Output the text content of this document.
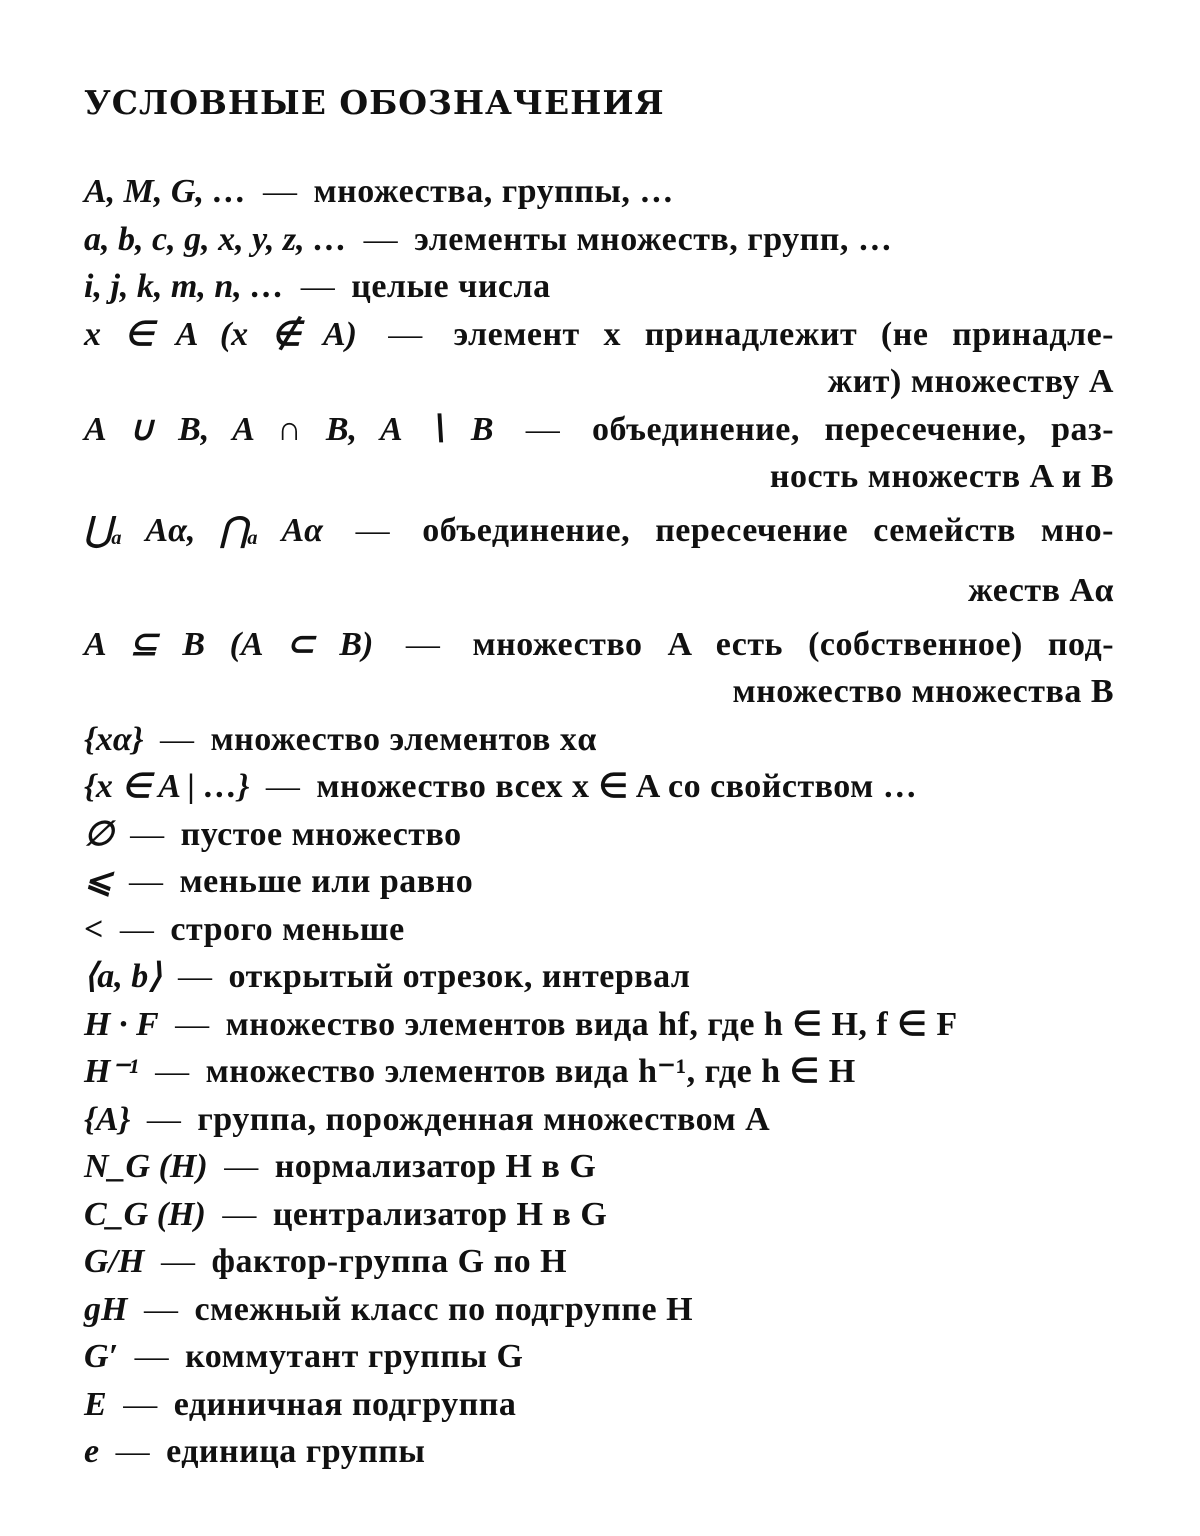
УСЛОВНЫЕ ОБОЗНАЧЕНИЯ
A, M, G, … — множества, группы, …
a, b, c, g, x, y, z, … — элементы множеств, групп, …
i, j, k, m, n, … — целые числа
x ∈ A (x ∉ A) — элемент x принадлежит (не принадле-
жит) множеству A
A ∪ B, A ∩ B, A ∖ B — объединение, пересечение, раз-
ность множеств A и B
⋃ₐ Aα, ⋂ₐ Aα — объединение, пересечение семейств мно-
жеств Aα
A ⊆ B (A ⊂ B) — множество A есть (собственное) под-
множество множества B
{xα} — множество элементов xα
{x ∈ A | …} — множество всех x ∈ A со свойством …
∅ — пустое множество
⩽ — меньше или равно
< — строго меньше
⟨a, b⟩ — открытый отрезок, интервал
H · F — множество элементов вида hf, где h ∈ H, f ∈ F
H⁻¹ — множество элементов вида h⁻¹, где h ∈ H
{A} — группа, порожденная множеством A
N_G (H) — нормализатор H в G
C_G (H) — централизатор H в G
G/H — фактор-группа G по H
gH — смежный класс по подгруппе H
G′ — коммутант группы G
E — единичная подгруппа
e — единица группы
